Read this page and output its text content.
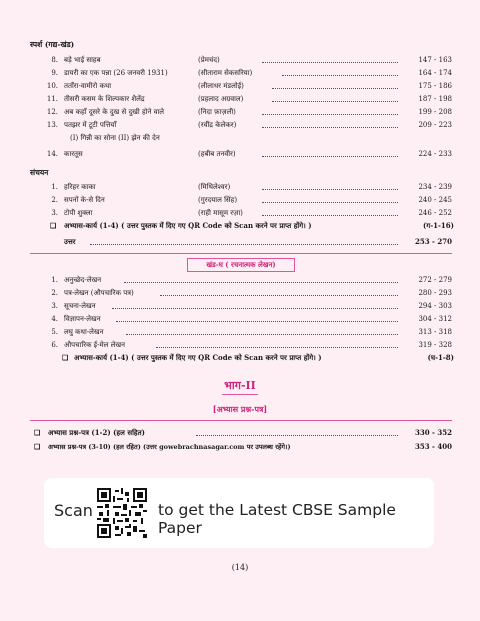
स्पर्श (गद्य-खंड)
8. बड़े भाई साहब	(प्रेमचंद)	147 - 163
9. डायरी का एक पन्ना (26 जनवरी 1931)	(सीताराम सेकसरिया)	164 - 174
10. तताँरा-वामीरो कथा	(लीलाधर मंडलोई)	175 - 186
11. तीसरी कसम के शिल्पकार शैलेंद्र	(प्रहलाद अग्रवाल)	187 - 198
12. अब कहाँ दूसरे के दुख से दुखी होने वाले	(निदा फ़ाज़ली)	199 - 208
13. पतझर में टूटी पत्तियाँ	(रवींद्र केलेकर)	209 - 223
(I) गिन्नी का सोना (II) झेन की देन
14. कारतूस	(हबीब तनवीर)	224 - 233
संचयन
1. हरिहर काका	(मिथिलेश्वर)	234 - 239
2. सपनों के-से दिन	(गुरदयाल सिंह)	240 - 245
3. टोपी शुक्ला	(राही मासूम रज़ा)	246 - 252
❑ अभ्यास-कार्य (1-4) ( उत्तर पुस्तक में दिए गए QR Code को Scan करने पर प्राप्त होंगे। )	(ग-1-16)
उत्तर	253 - 270
खंड-घ ( रचनात्मक लेखन)
1. अनुच्छेद-लेखन	272 - 279
2. पत्र-लेखन (औपचारिक पत्र)	280 - 293
3. सूचना-लेखन	294 - 303
4. विज्ञापन-लेखन	304 - 312
5. लघु कथा-लेखन	313 - 318
6. औपचारिक ई-मेल लेखन	319 - 328
❑ अभ्यास-कार्य (1-4) ( उत्तर पुस्तक में दिए गए QR Code को Scan करने पर प्राप्त होंगे। )	(घ-1-8)
भाग-II
[अभ्यास प्रश्न-पत्र]
❑ अभ्यास प्रश्न-पत्र (1-2) (हल सहित)	330 - 352
❑ अभ्यास प्रश्न-पत्र (3-10) (हल रहित) (उत्तर gowebrachnasagar.com पर उपलब्ध रहेंगे।)	353 - 400
Scan	to get the Latest CBSE Sample Paper
(14)
